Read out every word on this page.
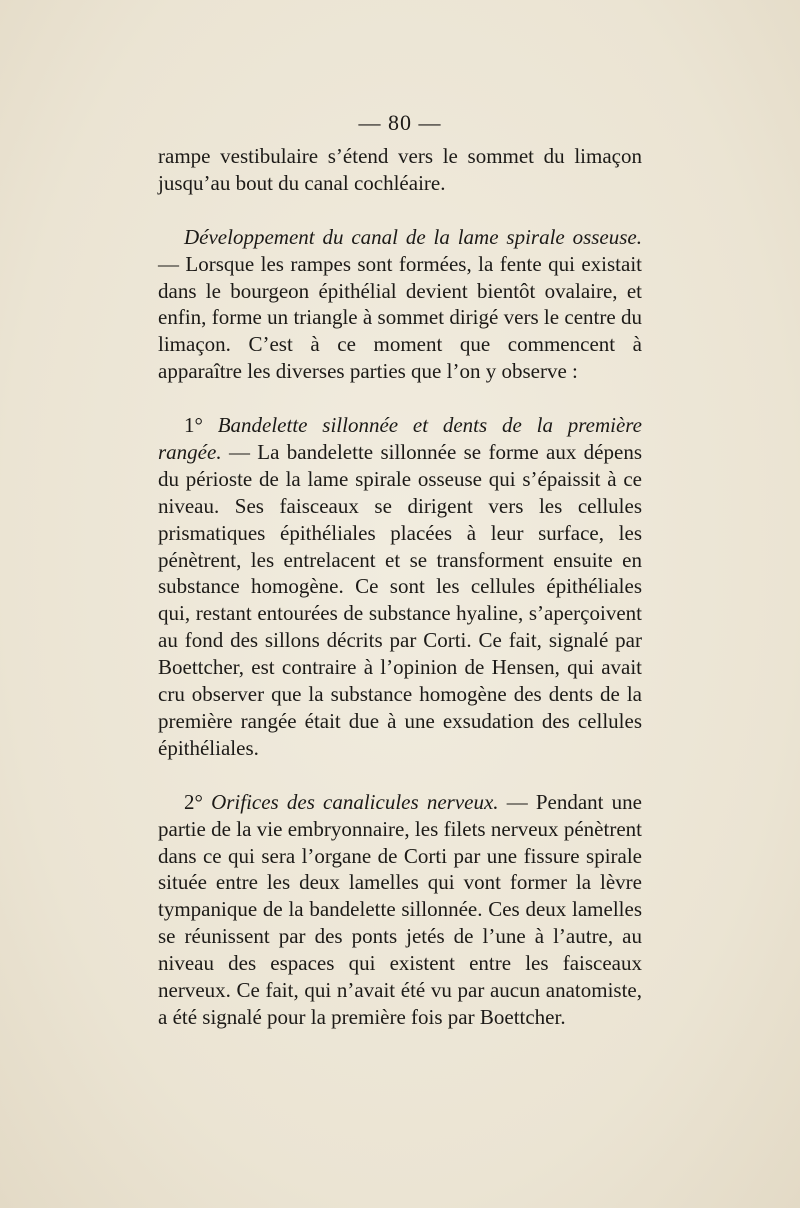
— 80 —

rampe vestibulaire s’étend vers le sommet du limaçon jusqu’au bout du canal cochléaire.

Développement du canal de la lame spirale osseuse. — Lorsque les rampes sont formées, la fente qui existait dans le bourgeon épithélial devient bientôt ovalaire, et enfin, forme un triangle à sommet dirigé vers le centre du limaçon. C’est à ce moment que commencent à apparaître les diverses parties que l’on y observe :

1° Bandelette sillonnée et dents de la première rangée. — La bandelette sillonnée se forme aux dépens du périoste de la lame spirale osseuse qui s’épaissit à ce niveau. Ses faisceaux se dirigent vers les cellules prismatiques épithéliales placées à leur surface, les pénètrent, les entrelacent et se transforment ensuite en substance homogène. Ce sont les cellules épithéliales qui, restant entourées de substance hyaline, s’aperçoivent au fond des sillons décrits par Corti. Ce fait, signalé par Boettcher, est contraire à l’opinion de Hensen, qui avait cru observer que la substance homogène des dents de la première rangée était due à une exsudation des cellules épithéliales.

2° Orifices des canalicules nerveux. — Pendant une partie de la vie embryonnaire, les filets nerveux pénètrent dans ce qui sera l’organe de Corti par une fissure spirale située entre les deux lamelles qui vont former la lèvre tympanique de la bandelette sillonnée. Ces deux lamelles se réunissent par des ponts jetés de l’une à l’autre, au niveau des espaces qui existent entre les faisceaux nerveux. Ce fait, qui n’avait été vu par aucun anatomiste, a été signalé pour la première fois par Boettcher.
